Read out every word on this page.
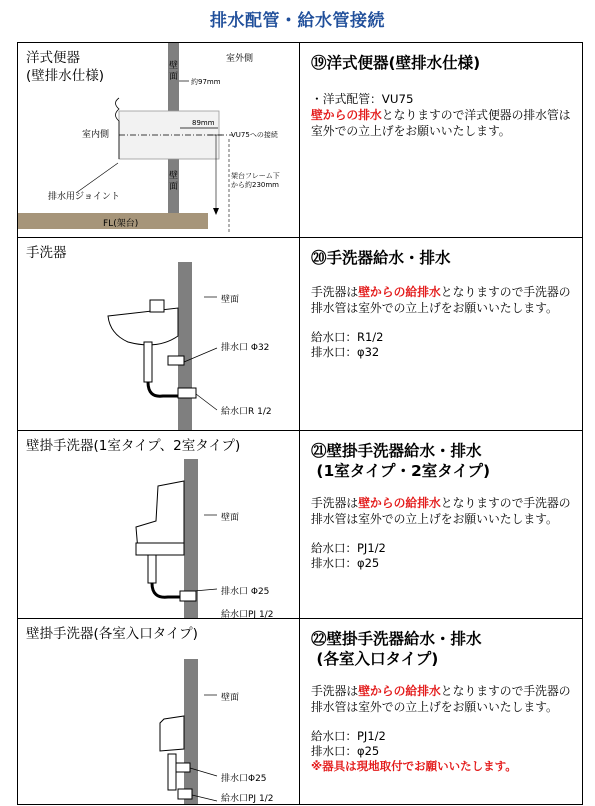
排水配管・給水管接続
洋式便器
(壁排水仕様)
室外側
壁面	約97mm
89mm
室内側	VU75への接続
壁面
架台フレーム下
から約230mm
排水用ジョイント
FL(架台)
⑲洋式便器(壁排水仕様)
・洋式配管：VU75
壁からの排水となりますので洋式便器の排水管は室外での立上げをお願いいたします。
手洗器
壁面
排水口 Φ32
給水口R 1/2
⑳手洗器給水・排水
手洗器は壁からの給排水となりますので手洗器の排水管は室外での立上げをお願いいたします。
給水口：R1/2
排水口：φ32
壁掛手洗器(1室タイプ、2室タイプ)
壁面
排水口 Φ25
給水口PJ 1/2
㉑壁掛手洗器給水・排水
(1室タイプ・2室タイプ)
手洗器は壁からの給排水となりますので手洗器の排水管は室外での立上げをお願いいたします。
給水口：PJ1/2
排水口：φ25
壁掛手洗器(各室入口タイプ)
壁面
排水口Φ25
給水口PJ 1/2
㉒壁掛手洗器給水・排水
(各室入口タイプ)
手洗器は壁からの給排水となりますので手洗器の排水管は室外での立上げをお願いいたします。
給水口：PJ1/2
排水口：φ25
※器具は現地取付でお願いいたします。
